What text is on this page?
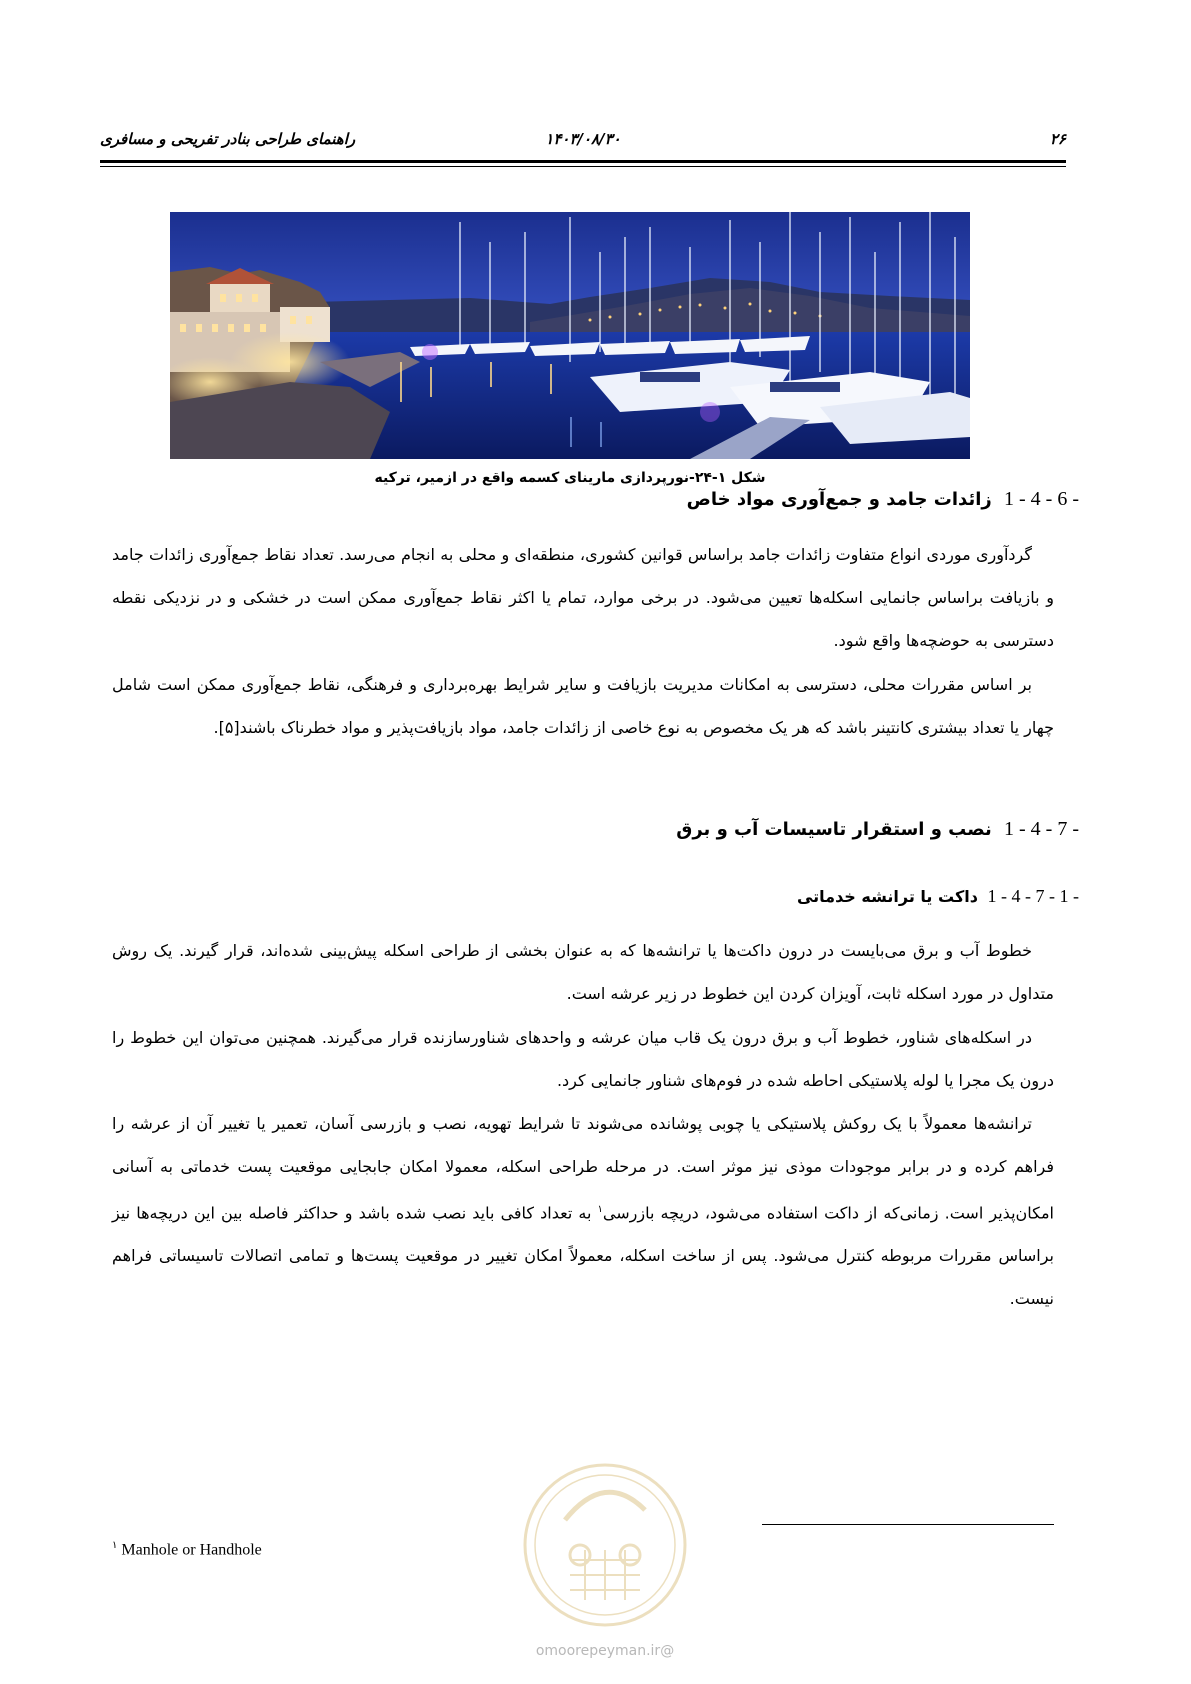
۲۶
۱۴۰۳/۰۸/۳۰
راهنمای طراحی بنادر تفریحی و مسافری
شکل ۱-۲۴-نورپردازی مارینای کسمه واقع در ازمیر، ترکیه
1 - 4 - 6 - زائدات جامد و جمع‌آوری مواد خاص
گردآوری موردی انواع متفاوت زائدات جامد براساس قوانین کشوری، منطقه‌ای و محلی به انجام می‌رسد. تعداد نقاط جمع‌آوری زائدات جامد و بازیافت براساس جانمایی اسکله‌ها تعیین می‌شود. در برخی موارد، تمام یا اکثر نقاط جمع‌آوری ممکن است در خشکی و در نزدیکی نقطه دسترسی به حوضچه‌ها واقع شود.
بر اساس مقررات محلی، دسترسی به امکانات مدیریت بازیافت و سایر شرایط بهره‌برداری و فرهنگی، نقاط جمع‌آوری ممکن است شامل چهار یا تعداد بیشتری کانتینر باشد که هر یک مخصوص به نوع خاصی از زائدات جامد، مواد بازیافت‌پذیر و مواد خطرناک باشند[۵].
1 - 4 - 7 - نصب و استقرار تاسیسات آب و برق
1 - 4 - 7 - 1 - داکت یا ترانشه خدماتی
خطوط آب و برق می‌بایست در درون داکت‌ها یا ترانشه‌ها که به عنوان بخشی از طراحی اسکله پیش‌بینی شده‌اند، قرار گیرند. یک روش متداول در مورد اسکله ثابت، آویزان کردن این خطوط در زیر عرشه است.
در اسکله‌های شناور، خطوط آب و برق درون یک قاب میان عرشه و واحدهای شناورسازنده قرار می‌گیرند. همچنین می‌توان این خطوط را درون یک مجرا یا لوله پلاستیکی احاطه شده در فوم‌های شناور جانمایی کرد.
ترانشه‌ها معمولاً با یک روکش پلاستیکی یا چوبی پوشانده می‌شوند تا شرایط تهویه، نصب و بازرسی آسان، تعمیر یا تغییر آن از عرشه را فراهم کرده و در برابر موجودات موذی نیز موثر است. در مرحله طراحی اسکله، معمولا امکان جابجایی موقعیت پست خدماتی به آسانی امکان‌پذیر است. زمانی‌که از داکت استفاده می‌شود، دریچه بازرسی$^۱$ به تعداد کافی باید نصب شده باشد و حداکثر فاصله بین این دریچه‌ها نیز براساس مقررات مربوطه کنترل می‌شود. پس از ساخت اسکله، معمولاً امکان تغییر در موقعیت پست‌ها و تمامی اتصالات تاسیساتی فراهم نیست.
@omoorepeyman.ir
$^۱$ Manhole or Handhole
